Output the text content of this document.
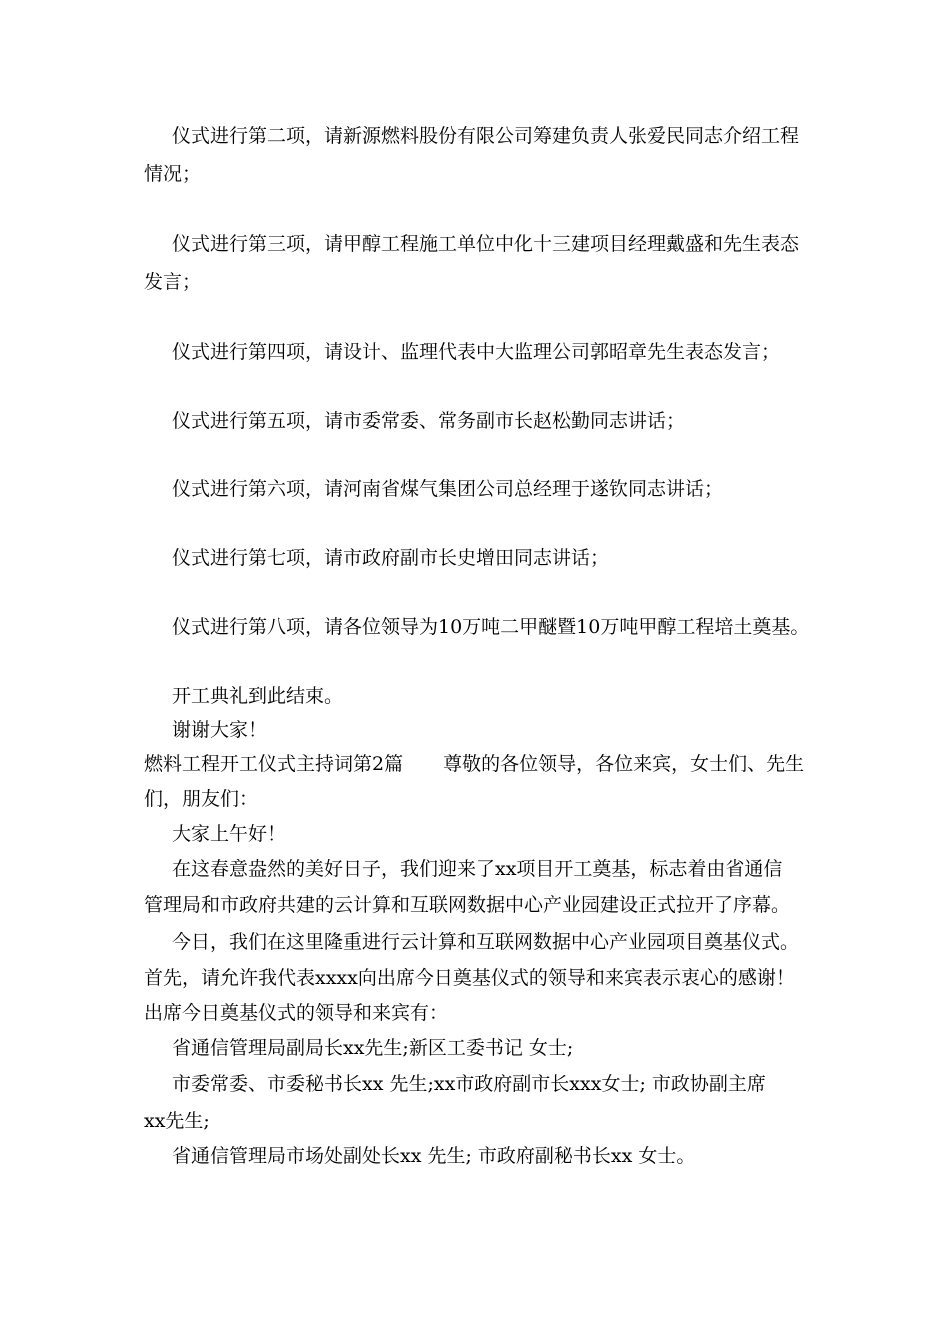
仪式进行第二项，请新源燃料股份有限公司筹建负责人张爱民同志介绍工程
情况；
仪式进行第三项，请甲醇工程施工单位中化十三建项目经理戴盛和先生表态
发言；
仪式进行第四项，请设计、监理代表中大监理公司郭昭章先生表态发言；
仪式进行第五项，请市委常委、常务副市长赵松勤同志讲话；
仪式进行第六项，请河南省煤气集团公司总经理于遂钦同志讲话；
仪式进行第七项，请市政府副市长史增田同志讲话；
仪式进行第八项，请各位领导为10万吨二甲醚暨10万吨甲醇工程培土奠基。
开工典礼到此结束。
谢谢大家！
燃料工程开工仪式主持词第2篇 尊敬的各位领导，各位来宾，女士们、先生
们，朋友们：
大家上午好！
在这春意盎然的美好日子，我们迎来了xx项目开工奠基，标志着由省通信
管理局和市政府共建的云计算和互联网数据中心产业园建设正式拉开了序幕。
今日，我们在这里隆重进行云计算和互联网数据中心产业园项目奠基仪式。
首先，请允许我代表xxxx向出席今日奠基仪式的领导和来宾表示衷心的感谢！
出席今日奠基仪式的领导和来宾有：
省通信管理局副局长xx先生;新区工委书记 女士;
市委常委、市委秘书长xx 先生;xx市政府副市长xxx女士; 市政协副主席
xx先生;
省通信管理局市场处副处长xx 先生; 市政府副秘书长xx 女士。
